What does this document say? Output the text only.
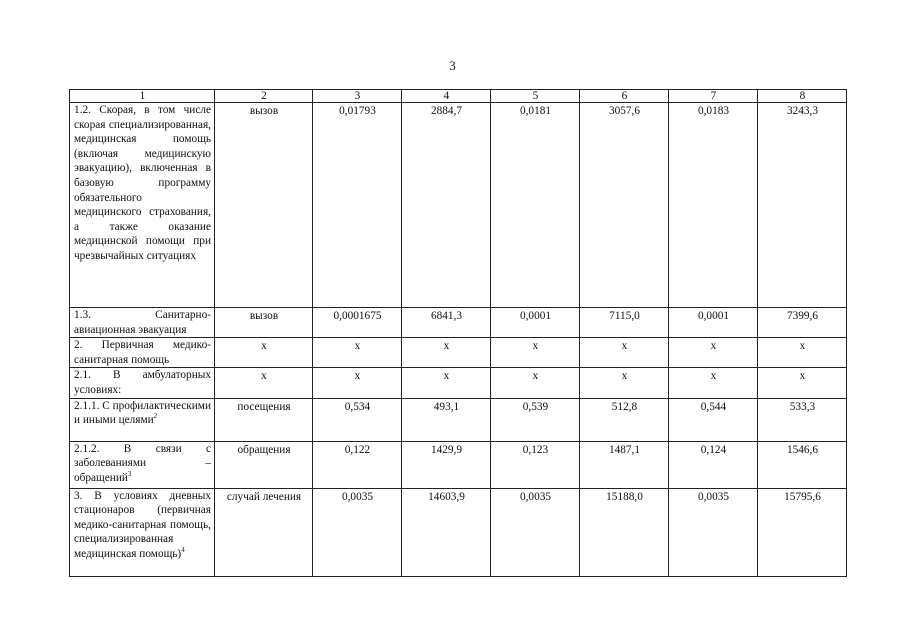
3
1	2	3	4	5	6	7	8
1.2. Скорая, в том числе скорая специализированная, медицинская помощь (включая медицинскую эвакуацию), включенная в базовую программу обязательного медицинского страхования, а также оказание медицинской помощи при чрезвычайных ситуациях	вызов	0,01793	2884,7	0,0181	3057,6	0,0183	3243,3
1.3. Санитарно-авиационная эвакуация	вызов	0,0001675	6841,3	0,0001	7115,0	0,0001	7399,6
2. Первичная медико-санитарная помощь	х	х	х	х	х	х	х
2.1. В амбулаторных условиях:	х	х	х	х	х	х	х
2.1.1. С профилактическими и иными целями$^2$	посещения	0,534	493,1	0,539	512,8	0,544	533,3
2.1.2. В связи с заболеваниями – обращений$^3$	обращения	0,122	1429,9	0,123	1487,1	0,124	1546,6
3. В условиях дневных стационаров (первичная медико-санитарная помощь, специализированная медицинская помощь)$^4$	случай лечения	0,0035	14603,9	0,0035	15188,0	0,0035	15795,6
